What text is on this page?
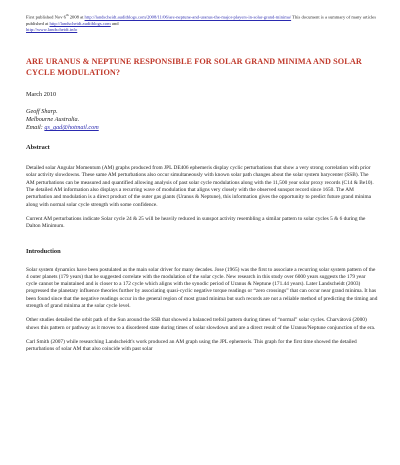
First published Nov 6th 2008 at http://landscheidt.auditblogs.com/2008/11/06/are-neptune-and-uranus-the-major-players-in-solar-grand-minima/ This document is a summary of many articles published at http://landscheidt.auditblogs.com and
http://www.landscheidt.info
ARE URANUS & NEPTUNE RESPONSIBLE FOR SOLAR GRAND MINIMA AND SOLAR CYCLE MODULATION?
March 2010
Geoff Sharp.
Melbourne Australia.
Email: gs_gad@hotmail.com
Abstract

Detailed solar Angular Momentum (AM) graphs produced from JPL DE406 ephemeris display cyclic perturbations that show a very strong correlation with prior solar activity slowdowns. These same AM perturbations also occur simultaneously with known solar path changes about the solar system barycenter (SSB). The AM perturbations can be measured and quantified allowing analysis of past solar cycle modulations along with the 11,500 year solar proxy records (C14 & Be10). The detailed AM information also displays a recurring wave of modulation that aligns very closely with the observed sunspot record since 1650. The AM perturbation and modulation is a direct product of the outer gas giants (Uranus & Neptune), this information gives the opportunity to predict future grand minima along with normal solar cycle strength with some confidence.

Current AM perturbations indicate Solar cycle 24 & 25 will be heavily reduced in sunspot activity resembling a similar pattern to solar cycles 5 & 6 during the Dalton Minimum.

Introduction

Solar system dynamics have been postulated as the main solar driver for many decades. Jose (1965) was the first to associate a recurring solar system pattern of the 4 outer planets (179 years) that he suggested correlate with the modulation of the solar cycle. New research in this study over 6000 years suggests the 179 year cycle cannot be maintained and is closer to a 172 cycle which aligns with the synodic period of Uranus & Neptune (171.44 years). Later Landscheidt (2003) progressed the planetary influence theories further by associating quasi-cyclic negative torque readings or “zero crossings” that can occur near grand minima. It has been found since that the negative readings occur in the general region of most grand minima but such records are not a reliable method of predicting the timing and strength of grand minima at the solar cycle level.

Other studies detailed the orbit path of the Sun around the SSB that showed a balanced trefoil pattern during times of “normal” solar cycles. Charvátová (2000) shows this pattern or pathway as it moves to a disordered state during times of solar slowdown and are a direct result of the Uranus/Neptune conjunction of the era.

Carl Smith (2007) while researching Landscheidt's work produced an AM graph using the JPL ephemeris. This graph for the first time showed the detailed perturbations of solar AM that also coincide with past solar
